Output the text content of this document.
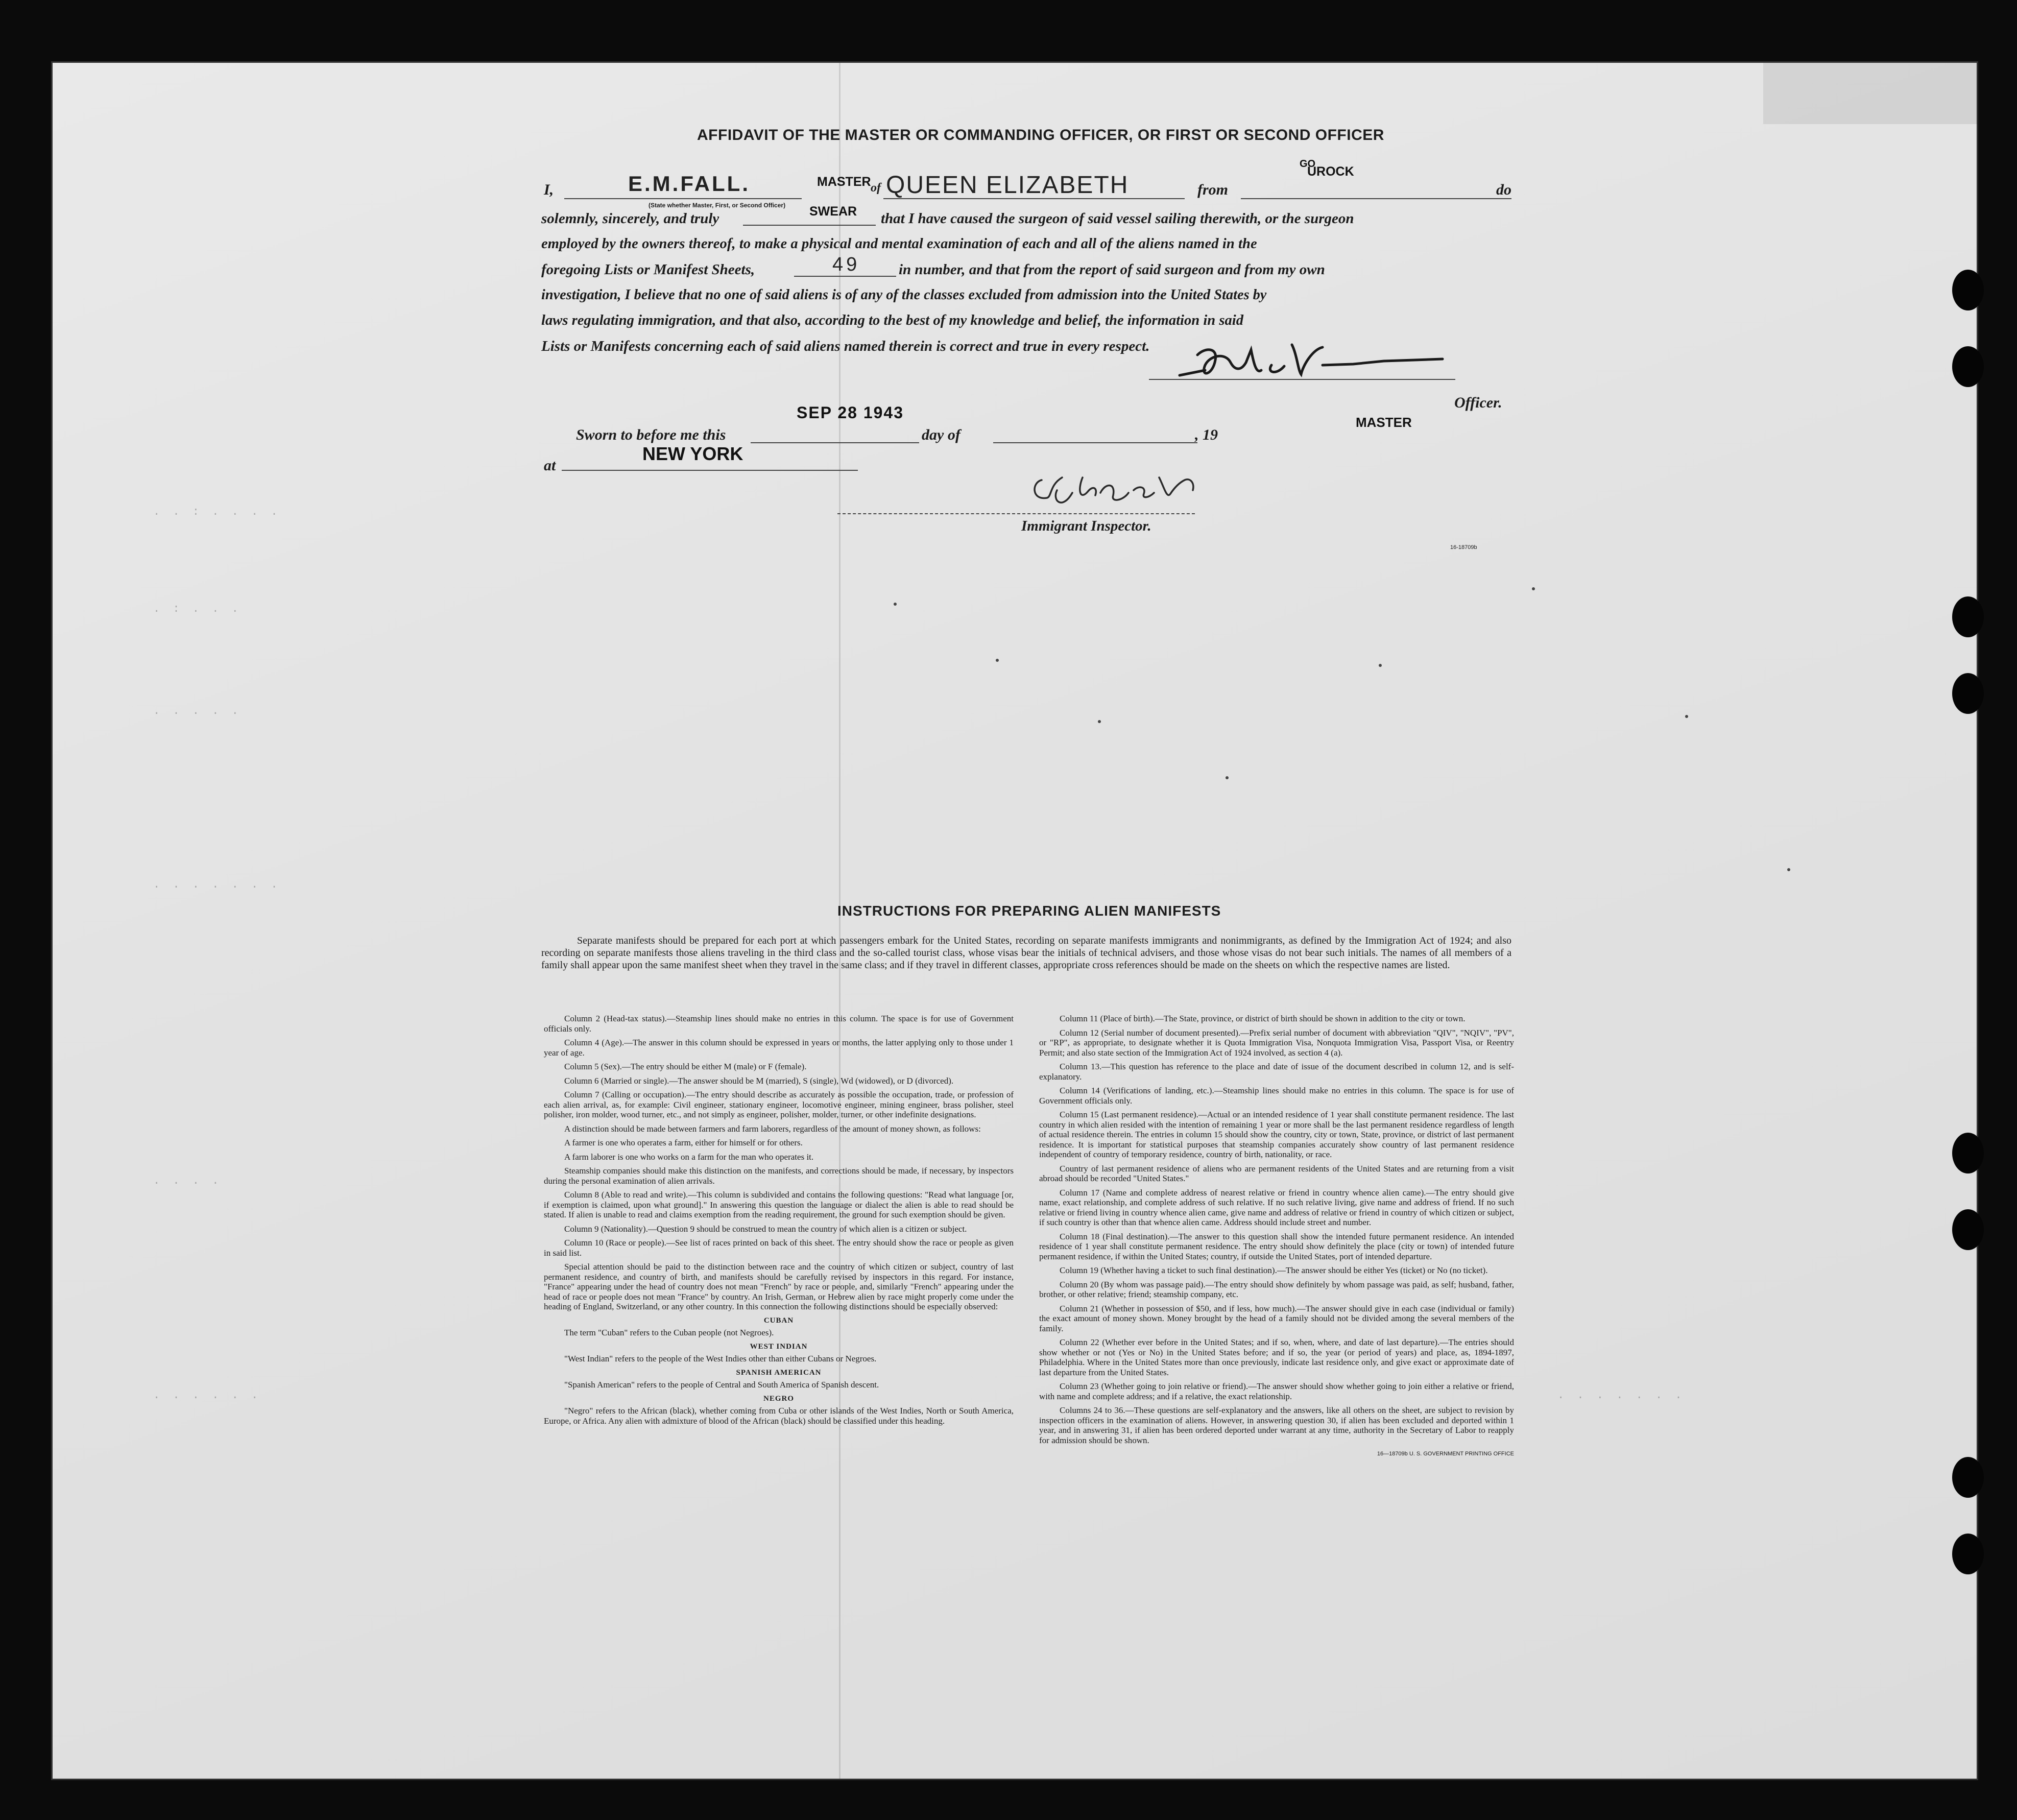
. . : . . . .
. : . . .
. . . . .
. . . . . . .
. . . .
. . . . . .	. . . . . . .
AFFIDAVIT OF THE MASTER OR COMMANDING OFFICER, OR FIRST OR SECOND OFFICER
I,	E.M.FALL.	MASTER of QUEEN ELIZABETH	from
GO
UROCK
do
(State whether Master, First, or Second Officer) SWEAR
solemnly, sincerely, and truly	that I have caused the surgeon of said vessel sailing therewith, or the surgeon
employed by the owners thereof, to make a physical and mental examination of each and all of the aliens named in the
foregoing Lists or Manifest Sheets,	49	in number, and that from the report of said surgeon and from my own
investigation, I believe that no one of said aliens is of any of the classes excluded from admission into the United States by
laws regulating immigration, and that also, according to the best of my knowledge and belief, the information in said
Lists or Manifests concerning each of said aliens named therein is correct and true in every respect.
Officer.
SEP 28 1943
Sworn to before me this	day of	, 19
MASTER
at
NEW YORK
Immigrant Inspector.
16-18709b
INSTRUCTIONS FOR PREPARING ALIEN MANIFESTS
Separate manifests should be prepared for each port at which passengers embark for the United States, recording on separate manifests immigrants and nonimmigrants, as defined by the Immigration Act of 1924; and also recording on separate manifests those aliens traveling in the third class and the so-called tourist class, whose visas bear the initials of technical advisers, and those whose visas do not bear such initials. The names of all members of a family shall appear upon the same manifest sheet when they travel in the same class; and if they travel in different classes, appropriate cross references should be made on the sheets on which the respective names are listed.

Column 2 (Head-tax status).—Steamship lines should make no entries in this column. The space is for use of Government officials only.

Column 4 (Age).—The answer in this column should be expressed in years or months, the latter applying only to those under 1 year of age.

Column 5 (Sex).—The entry should be either M (male) or F (female).

Column 6 (Married or single).—The answer should be M (married), S (single), Wd (widowed), or D (divorced).

Column 7 (Calling or occupation).—The entry should describe as accurately as possible the occupation, trade, or profession of each alien arrival, as, for example: Civil engineer, stationary engineer, locomotive engineer, mining engineer, brass polisher, steel polisher, iron molder, wood turner, etc., and not simply as engineer, polisher, molder, turner, or other indefinite designations.

A distinction should be made between farmers and farm laborers, regardless of the amount of money shown, as follows:

A farmer is one who operates a farm, either for himself or for others.

A farm laborer is one who works on a farm for the man who operates it.

Steamship companies should make this distinction on the manifests, and corrections should be made, if necessary, by inspectors during the personal examination of alien arrivals.

Column 8 (Able to read and write).—This column is subdivided and contains the following questions: "Read what language [or, if exemption is claimed, upon what ground]." In answering this question the language or dialect the alien is able to read should be stated. If alien is unable to read and claims exemption from the reading requirement, the ground for such exemption should be given.

Column 9 (Nationality).—Question 9 should be construed to mean the country of which alien is a citizen or subject.

Column 10 (Race or people).—See list of races printed on back of this sheet. The entry should show the race or people as given in said list.

Special attention should be paid to the distinction between race and the country of which citizen or subject, country of last permanent residence, and country of birth, and manifests should be carefully revised by inspectors in this regard. For instance, "France" appearing under the head of country does not mean "French" by race or people, and, similarly "French" appearing under the head of race or people does not mean "France" by country. An Irish, German, or Hebrew alien by race might properly come under the heading of England, Switzerland, or any other country. In this connection the following distinctions should be especially observed:

CUBAN

The term "Cuban" refers to the Cuban people (not Negroes).

WEST INDIAN

"West Indian" refers to the people of the West Indies other than either Cubans or Negroes.

SPANISH AMERICAN

"Spanish American" refers to the people of Central and South America of Spanish descent.

NEGRO

"Negro" refers to the African (black), whether coming from Cuba or other islands of the West Indies, North or South America, Europe, or Africa. Any alien with admixture of blood of the African (black) should be classified under this heading.

Column 11 (Place of birth).—The State, province, or district of birth should be shown in addition to the city or town.

Column 12 (Serial number of document presented).—Prefix serial number of document with abbreviation "QIV", "NQIV", "PV", or "RP", as appropriate, to designate whether it is Quota Immigration Visa, Nonquota Immigration Visa, Passport Visa, or Reentry Permit; and also state section of the Immigration Act of 1924 involved, as section 4 (a).

Column 13.—This question has reference to the place and date of issue of the document described in column 12, and is self-explanatory.

Column 14 (Verifications of landing, etc.).—Steamship lines should make no entries in this column. The space is for use of Government officials only.

Column 15 (Last permanent residence).—Actual or an intended residence of 1 year shall constitute permanent residence. The last country in which alien resided with the intention of remaining 1 year or more shall be the last permanent residence regardless of length of actual residence therein. The entries in column 15 should show the country, city or town, State, province, or district of last permanent residence. It is important for statistical purposes that steamship companies accurately show country of last permanent residence independent of country of temporary residence, country of birth, nationality, or race.

Country of last permanent residence of aliens who are permanent residents of the United States and are returning from a visit abroad should be recorded "United States."

Column 17 (Name and complete address of nearest relative or friend in country whence alien came).—The entry should give name, exact relationship, and complete address of such relative. If no such relative living, give name and address of friend. If no such relative or friend living in country whence alien came, give name and address of relative or friend in country of which citizen or subject, if such country is other than that whence alien came. Address should include street and number.

Column 18 (Final destination).—The answer to this question shall show the intended future permanent residence. An intended residence of 1 year shall constitute permanent residence. The entry should show definitely the place (city or town) of intended future permanent residence, if within the United States; country, if outside the United States, port of intended departure.

Column 19 (Whether having a ticket to such final destination).—The answer should be either Yes (ticket) or No (no ticket).

Column 20 (By whom was passage paid).—The entry should show definitely by whom passage was paid, as self; husband, father, brother, or other relative; friend; steamship company, etc.

Column 21 (Whether in possession of $50, and if less, how much).—The answer should give in each case (individual or family) the exact amount of money shown. Money brought by the head of a family should not be divided among the several members of the family.

Column 22 (Whether ever before in the United States; and if so, when, where, and date of last departure).—The entries should show whether or not (Yes or No) in the United States before; and if so, the year (or period of years) and place, as, 1894-1897, Philadelphia. Where in the United States more than once previously, indicate last residence only, and give exact or approximate date of last departure from the United States.

Column 23 (Whether going to join relative or friend).—The answer should show whether going to join either a relative or friend, with name and complete address; and if a relative, the exact relationship.

Columns 24 to 36.—These questions are self-explanatory and the answers, like all others on the sheet, are subject to revision by inspection officers in the examination of aliens. However, in answering question 30, if alien has been excluded and deported within 1 year, and in answering 31, if alien has been ordered deported under warrant at any time, authority in the Secretary of Labor to reapply for admission should be shown.

16—18709b U. S. GOVERNMENT PRINTING OFFICE
